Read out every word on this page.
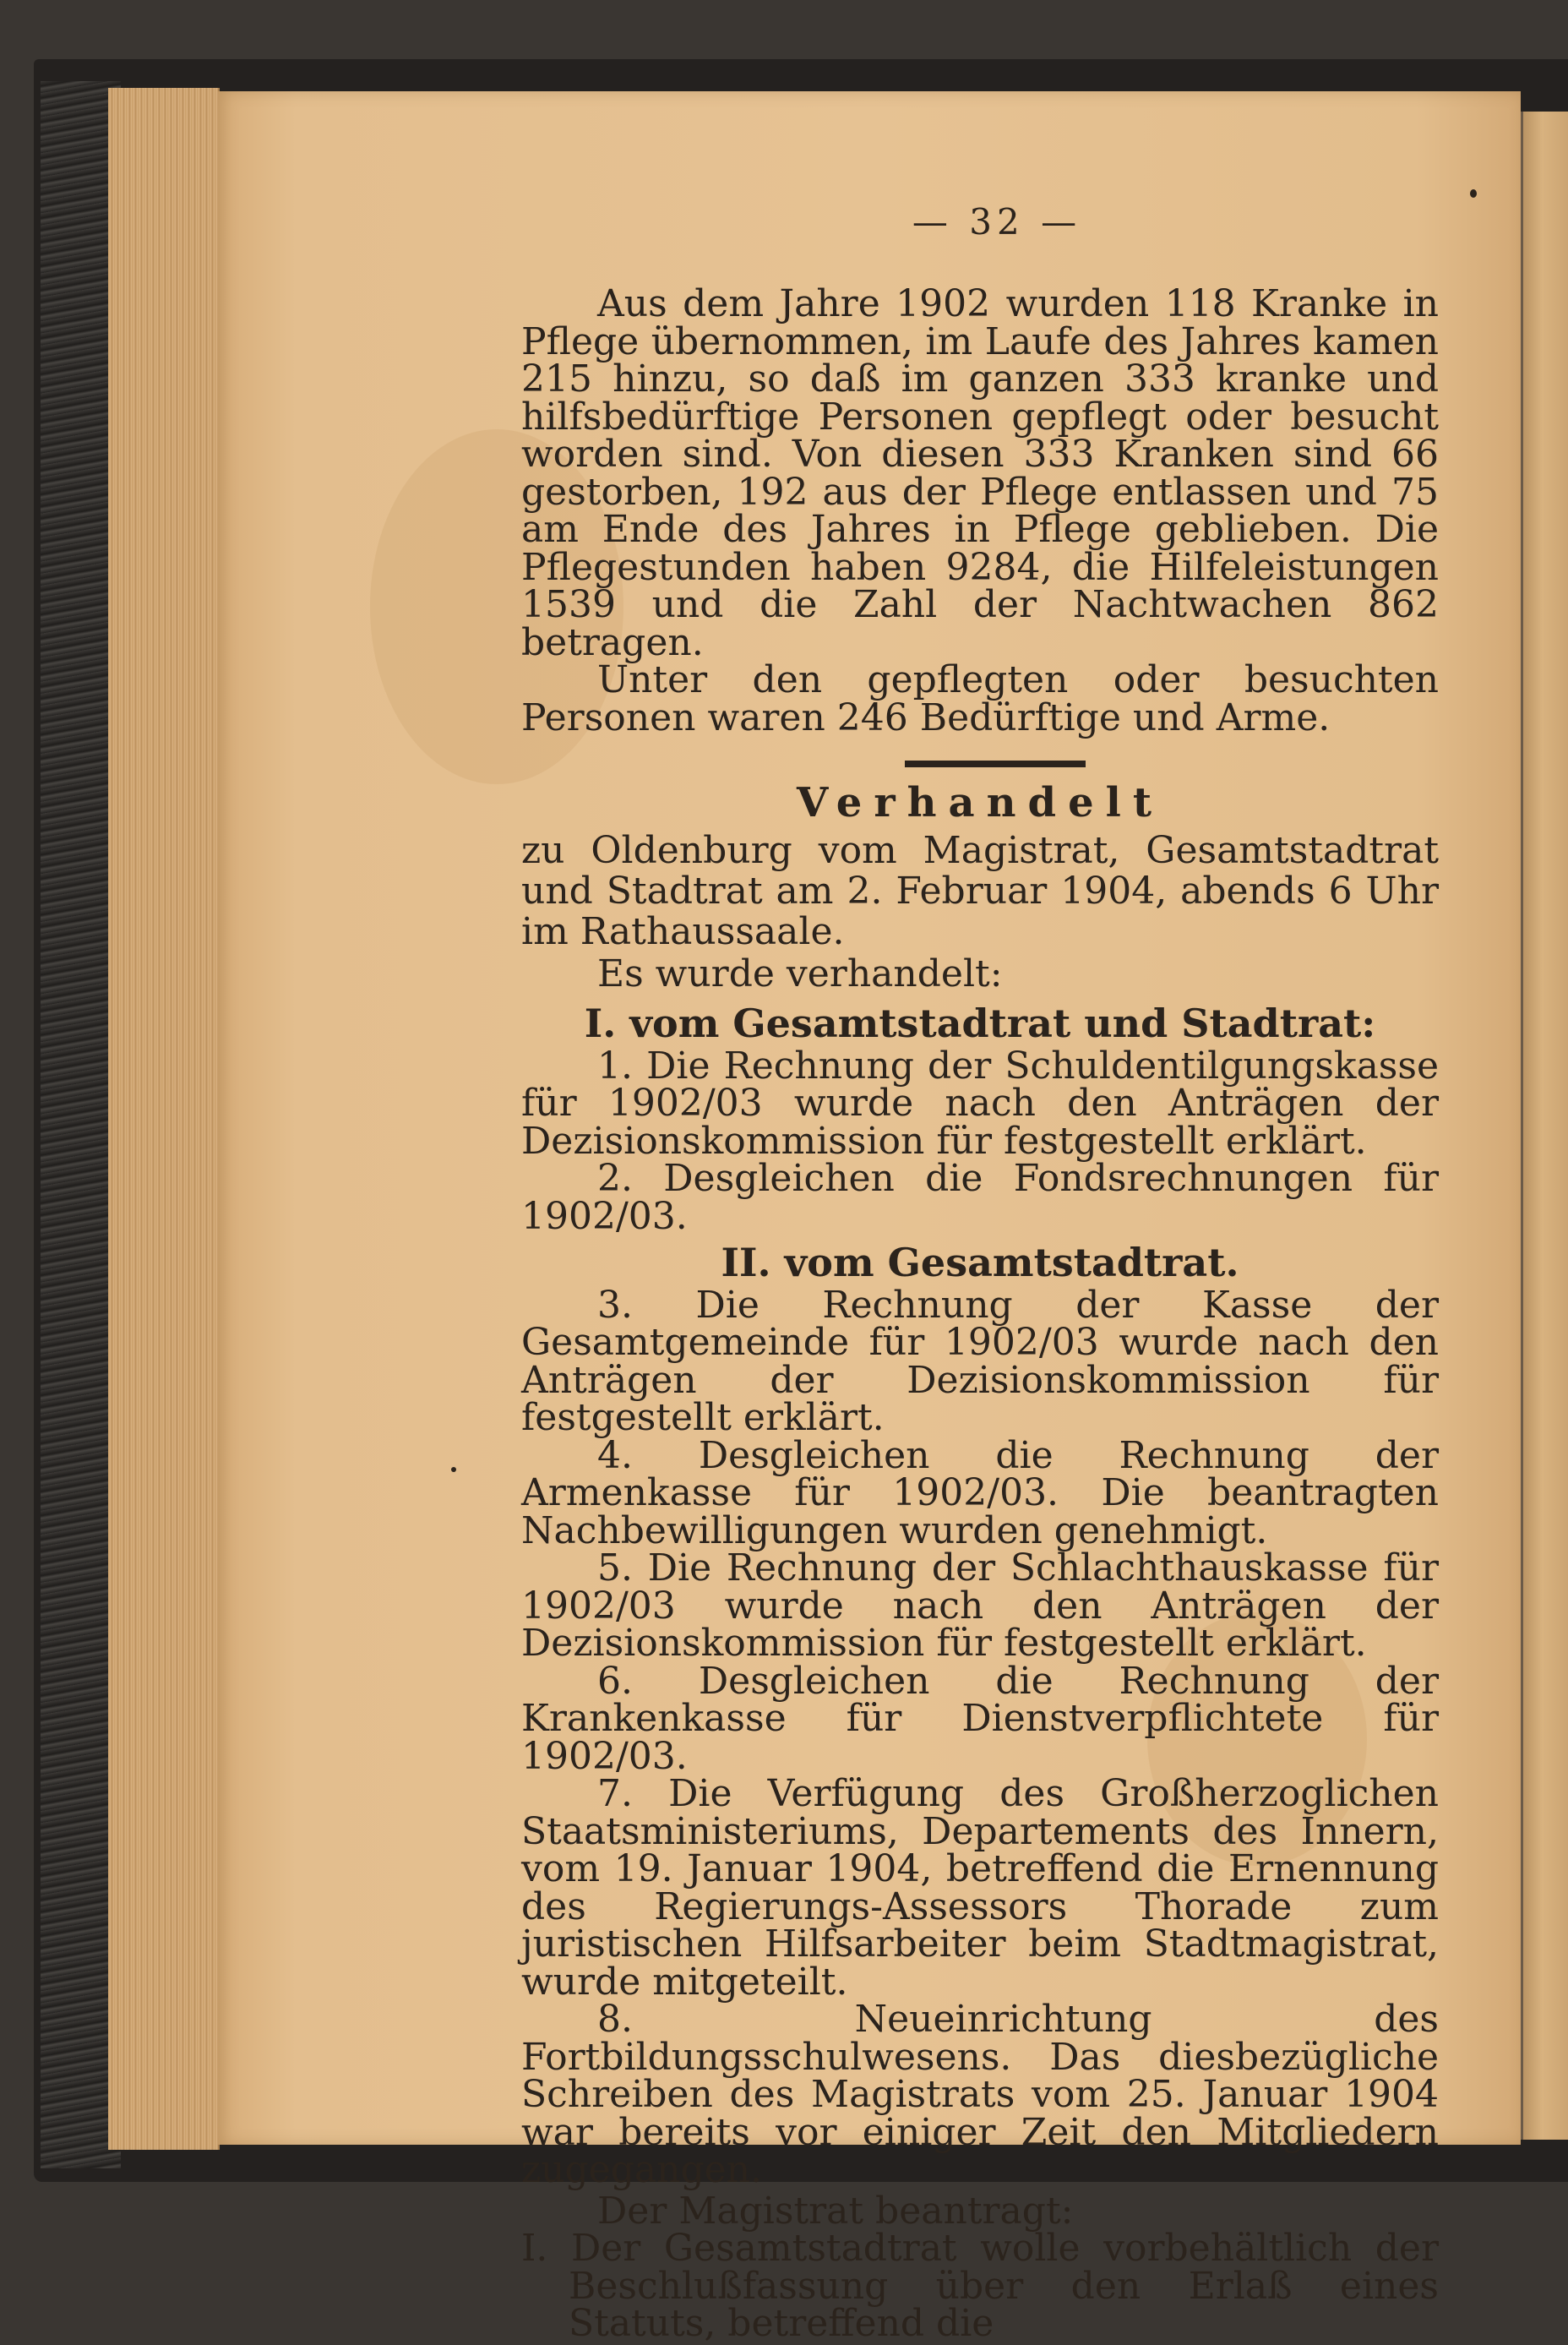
— 32 —

Aus dem Jahre 1902 wurden 118 Kranke in Pflege übernommen, im Laufe des Jahres kamen 215 hinzu, so daß im ganzen 333 kranke und hilfsbedürftige Personen gepflegt oder besucht worden sind. Von diesen 333 Kranken sind 66 gestorben, 192 aus der Pflege entlassen und 75 am Ende des Jahres in Pflege geblieben. Die Pflegestunden haben 9284, die Hilfeleistungen 1539 und die Zahl der Nachtwachen 862 betragen.

Unter den gepflegten oder besuchten Personen waren 246 Bedürftige und Arme.

Verhandelt

zu Oldenburg vom Magistrat, Gesamtstadtrat und Stadtrat am 2. Februar 1904, abends 6 Uhr im Rathaussaale.

Es wurde verhandelt:

I. vom Gesamtstadtrat und Stadtrat:

1. Die Rechnung der Schuldentilgungskasse für 1902/03 wurde nach den Anträgen der Dezisionskommission für festgestellt erklärt.

2. Desgleichen die Fondsrechnungen für 1902/03.

II. vom Gesamtstadtrat.

3. Die Rechnung der Kasse der Gesamtgemeinde für 1902/03 wurde nach den Anträgen der Dezisionskommission für festgestellt erklärt.

4. Desgleichen die Rechnung der Armenkasse für 1902/03. Die beantragten Nachbewilligungen wurden genehmigt.

5. Die Rechnung der Schlachthauskasse für 1902/03 wurde nach den Anträgen der Dezisionskommission für festgestellt erklärt.

6. Desgleichen die Rechnung der Krankenkasse für Dienstverpflichtete für 1902/03.

7. Die Verfügung des Großherzoglichen Staatsministeriums, Departements des Innern, vom 19. Januar 1904, betreffend die Ernennung des Regierungs-Assessors Thorade zum juristischen Hilfsarbeiter beim Stadtmagistrat, wurde mitgeteilt.

8. Neueinrichtung des Fortbildungsschulwesens. Das diesbezügliche Schreiben des Magistrats vom 25. Januar 1904 war bereits vor einiger Zeit den Mitgliedern zugegangen.

Der Magistrat beantragt:

I. Der Gesamtstadtrat wolle vorbehältlich der Beschlußfassung über den Erlaß eines Statuts, betreffend die
